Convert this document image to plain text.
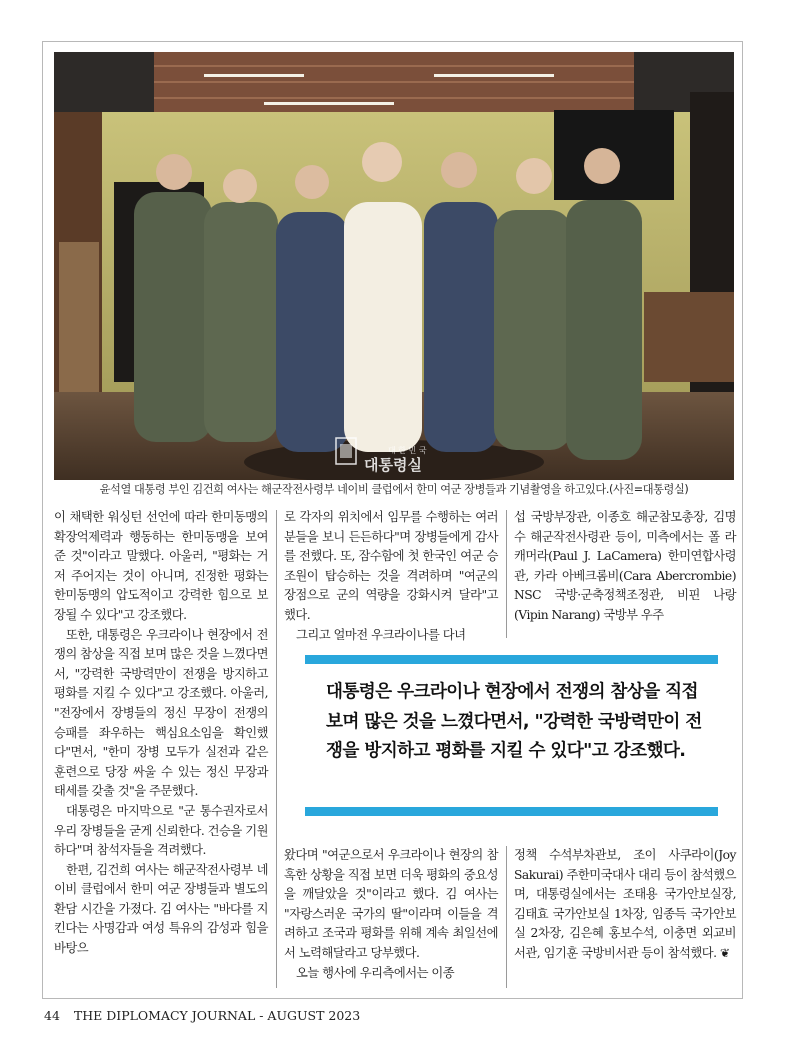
대 한 민 국
대통령실
윤석열 대통령 부인 김건희 여사는 해군작전사령부 네이비 클럽에서 한미 여군 장병들과 기념촬영을 하고있다.(사진=대통령실)

이 채택한 워싱턴 선언에 따라 한미동맹의 확장억제력과 행동하는 한미동맹을 보여준 것"이라고 말했다. 아울러, "평화는 거저 주어지는 것이 아니며, 진정한 평화는 한미동맹의 압도적이고 강력한 힘으로 보장될 수 있다"고 강조했다.

또한, 대통령은 우크라이나 현장에서 전쟁의 참상을 직접 보며 많은 것을 느꼈다면서, "강력한 국방력만이 전쟁을 방지하고 평화를 지킬 수 있다"고 강조했다. 아울러, "전장에서 장병들의 정신 무장이 전쟁의 승패를 좌우하는 핵심요소임을 확인했다"면서, "한미 장병 모두가 실전과 같은 훈련으로 당장 싸울 수 있는 정신 무장과 태세를 갖출 것"을 주문했다.

대통령은 마지막으로 "군 통수권자로서 우리 장병들을 굳게 신뢰한다. 건승을 기원하다"며 참석자들을 격려했다.

한편, 김건희 여사는 해군작전사령부 네이비 클럽에서 한미 여군 장병들과 별도의 환담 시간을 가졌다. 김 여사는 "바다를 지킨다는 사명감과 여성 특유의 감성과 힘을 바탕으

로 각자의 위치에서 임무를 수행하는 여러분들을 보니 든든하다"며 장병들에게 감사를 전했다. 또, 잠수함에 첫 한국인 여군 승조원이 탑승하는 것을 격려하며 "여군의 장점으로 군의 역량을 강화시켜 달라"고 했다.

그리고 얼마전 우크라이나를 다녀

섭 국방부장관, 이종호 해군참모총장, 김명수 해군작전사령관 등이, 미측에서는 폴 라캐머라(Paul J. LaCamera) 한미연합사령관, 카라 아베크롬비(Cara Abercrombie) NSC 국방·군축정책조정관, 비핀 나랑(Vipin Narang) 국방부 우주

대통령은 우크라이나 현장에서 전쟁의 참상을 직접 보며 많은 것을 느꼈다면서, "강력한 국방력만이 전쟁을 방지하고 평화를 지킬 수 있다"고 강조했다.

왔다며 "여군으로서 우크라이나 현장의 참혹한 상황을 직접 보면 더욱 평화의 중요성을 깨달았을 것"이라고 했다. 김 여사는 "자랑스러운 국가의 딸"이라며 이들을 격려하고 조국과 평화를 위해 계속 최일선에서 노력해달라고 당부했다.

오늘 행사에 우리측에서는 이종

정책 수석부차관보, 조이 사쿠라이(Joy Sakurai) 주한미국대사 대리 등이 참석했으며, 대통령실에서는 조태용 국가안보실장, 김태효 국가안보실 1차장, 임종득 국가안보실 2차장, 김은혜 홍보수석, 이충면 외교비서관, 임기훈 국방비서관 등이 참석했다. ❦

44 THE DIPLOMACY JOURNAL - AUGUST 2023
